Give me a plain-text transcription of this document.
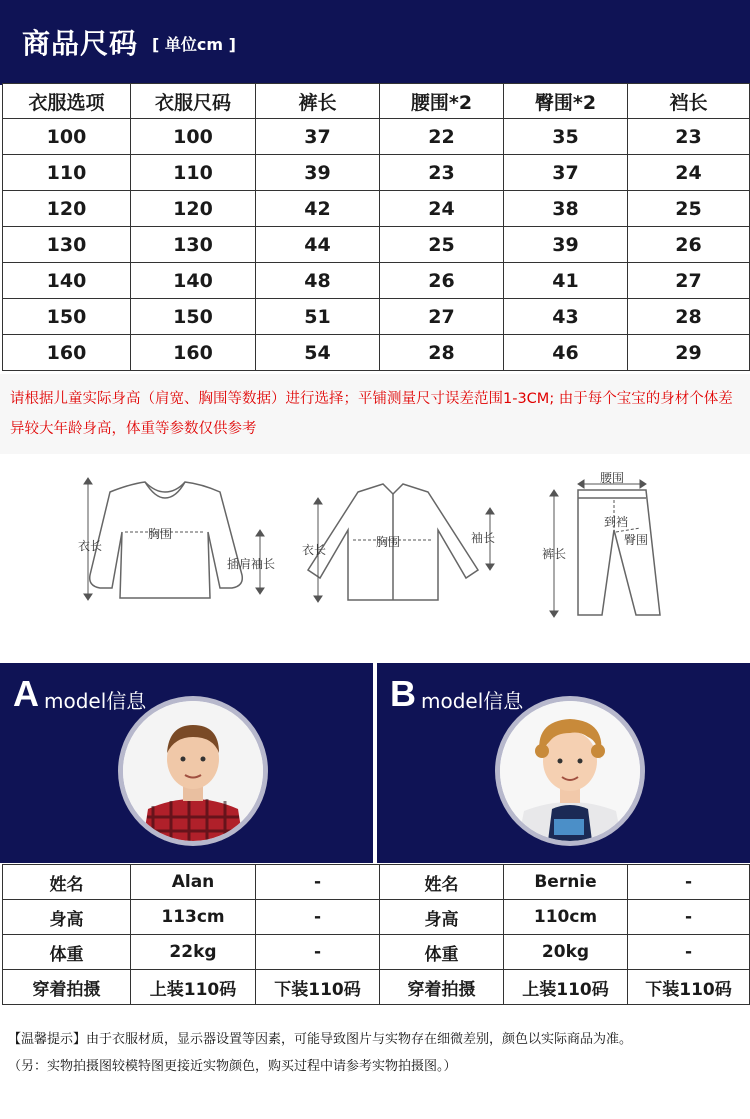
商品尺码 [ 单位cm ]
衣服选项	衣服尺码	裤长	腰围*2	臀围*2	裆长
100	100	37	22	35	23
110	110	39	23	37	24
120	120	42	24	38	25
130	130	44	25	39	26
140	140	48	26	41	27
150	150	51	27	43	28
160	160	54	28	46	29
请根据儿童实际身高（肩宽、胸围等数据）进行选择；平铺测量尺寸误差范围1-3CM; 由于每个宝宝的身材个体差异较大年龄身高，体重等参数仅供参考
衣长
胸围
插肩袖长
衣长
胸围	袖长
腰围
到裆
臀围
裤长
A model信息	B model信息
姓名	Alan	-	姓名	Bernie	-
身高	113cm	-	身高	110cm	-
体重	22kg	-	体重	20kg	-
穿着拍摄	上装110码	下装110码	穿着拍摄	上装110码	下装110码
【温馨提示】由于衣服材质，显示器设置等因素，可能导致图片与实物存在细微差别，颜色以实际商品为准。
（另：实物拍摄图较模特图更接近实物颜色，购买过程中请参考实物拍摄图。）
